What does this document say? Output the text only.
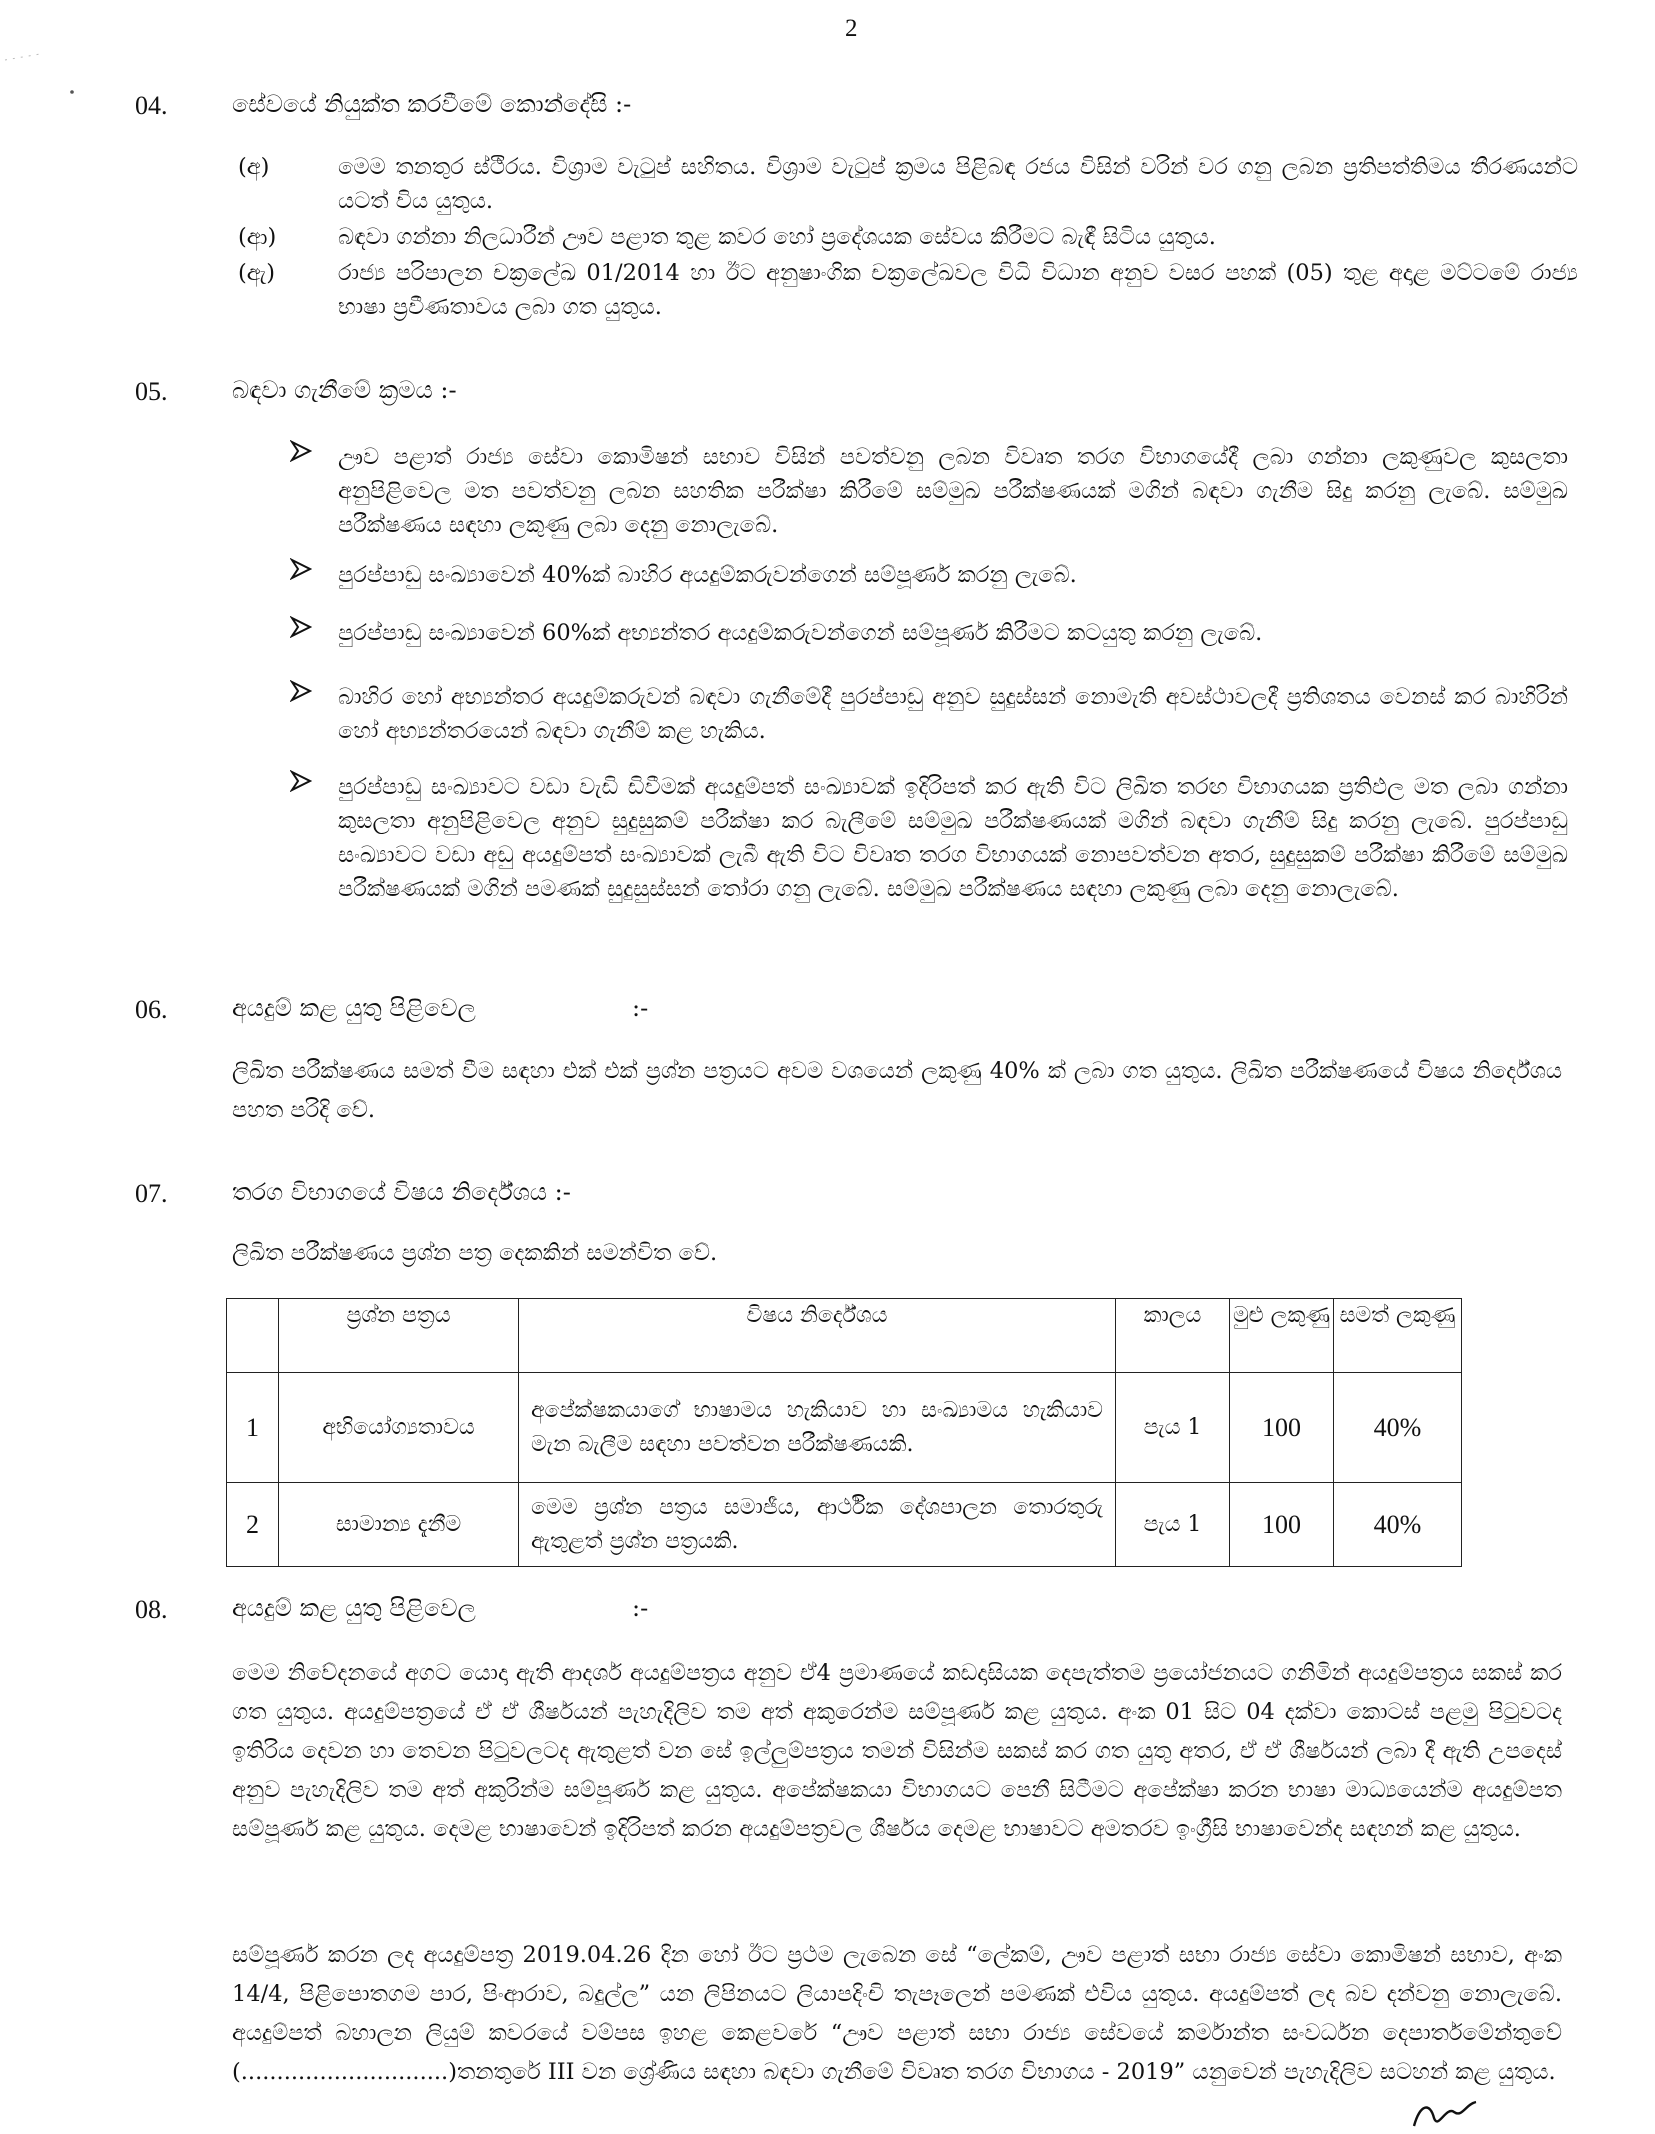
2
04.	සේවයේ නියුක්ත කරවීමේ කොන්දේසි :-
(අ)	මෙම තනතුර ස්ථිරය. විශ්‍රාම වැටුප් සහිතය. විශ්‍රාම වැටුප් ක්‍රමය පිළිබඳ රජය විසින් වරින් වර ගනු ලබන ප්‍රතිපත්තිමය තීරණයන්ට යටත් විය යුතුය.
(ආ)	බඳවා ගන්නා නිලධාරීන් ඌව පළාත තුළ කවර හෝ ප්‍රදේශයක සේවය කිරීමට බැඳී සිටිය යුතුය.
(ඇ)	රාජ්‍ය පරිපාලන චක්‍රලේඛ 01/2014 හා ඊට අනුෂාංගික චක්‍රලේඛවල විධි විධාන අනුව වසර පහක් (05) තුළ අදාළ මට්ටමේ රාජ්‍ය භාෂා ප්‍රවීණතාවය ලබා ගත යුතුය.
05.	බඳවා ගැනීමේ ක්‍රමය :-
ඌව පළාත් රාජ්‍ය සේවා කොමිෂන් සභාව විසින් පවත්වනු ලබන විවෘත තරග විභාගයේදී ලබා ගන්නා ලකුණුවල කුසලතා අනුපිළිවෙල මත පවත්වනු ලබන සහතික පරීක්ෂා කිරීමේ සම්මුඛ පරීක්ෂණයක් මගින් බඳවා ගැනීම සිදු කරනු ලැබේ. සම්මුඛ පරීක්ෂණය සඳහා ලකුණු ලබා දෙනු නොලැබේ.
පුරප්පාඩු සංඛ්‍යාවෙන් 40%ක් බාහිර අයදුම්කරුවන්ගෙන් සම්පූර්ණ කරනු ලැබේ.
පුරප්පාඩු සංඛ්‍යාවෙන් 60%ක් අභ්‍යන්තර අයදුම්කරුවන්ගෙන් සම්පූර්ණ කිරීමට කටයුතු කරනු ලැබේ.
බාහිර හෝ අභ්‍යන්තර අයදුම්කරුවන් බඳවා ගැනීමේදී පුරප්පාඩු අනුව සුදුස්සන් නොමැති අවස්ථාවලදී ප්‍රතිශතය වෙනස් කර බාහිරින් හෝ අභ්‍යන්තරයෙන් බඳවා ගැනීම් කළ හැකිය.
පුරප්පාඩු සංඛ්‍යාවට වඩා වැඩි ඩිවීමක් අයදුම්පත් සංඛ්‍යාවක් ඉදිරිපත් කර ඇති විට ලිඛිත තරඟ විභාගයක ප්‍රතිඵල මත ලබා ගන්නා කුසලතා අනුපිළිවෙල අනුව සුදුසුකම් පරීක්ෂා කර බැලීමේ සම්මුඛ පරීක්ෂණයක් මගින් බඳවා ගැනීම් සිදු කරනු ලැබේ. පුරප්පාඩු සංඛ්‍යාවට වඩා අඩු අයදුම්පත් සංඛ්‍යාවක් ලැබී ඇති විට විවෘත තරග විභාගයක් නොපවත්වන අතර, සුදුසුකම් පරීක්ෂා කිරීමේ සම්මුඛ පරීක්ෂණයක් මගින් පමණක් සුදුසුස්සන් තෝරා ගනු ලැබේ. සම්මුඛ පරීක්ෂණය සඳහා ලකුණු ලබා දෙනු නොලැබේ.
06.	අයදුම් කළ යුතු පිළිවෙල	:-
ලිඛිත පරීක්ෂණය සමත් වීම සඳහා එක් එක් ප්‍රශ්න පත්‍රයට අවම වශයෙන් ලකුණු 40% ක් ලබා ගත යුතුය. ලිඛිත පරීක්ෂණයේ විෂය නිර්දේශය පහත පරිදි වේ.
07.	තරග විභාගයේ විෂය නිර්දේශය :-
ලිඛිත පරීක්ෂණය ප්‍රශ්න පත්‍ර දෙකකින් සමන්විත වේ.
	ප්‍රශ්න පත්‍රය	විෂය නිර්දේශය	කාලය	මුළු ලකුණු	සමත් ලකුණු
1	අභියෝග්‍යතාවය	අපේක්ෂකයාගේ භාෂාමය හැකියාව හා සංඛ්‍යාමය හැකියාව මැන බැලීම සඳහා පවත්වන පරීක්ෂණයකි.	පැය 1	100	40%
2	සාමාන්‍ය දැනීම	මෙම ප්‍රශ්න පත්‍රය සමාජීය, ආර්ථික දේශපාලන තොරතුරු ඇතුළත් ප්‍රශ්න පත්‍රයකි.	පැය 1	100	40%
08.	අයදුම් කළ යුතු පිළිවෙල	:-
මෙම නිවේදනයේ අගට යොදා ඇති ආදර්ශ අයදුම්පත්‍රය අනුව ඒ4 ප්‍රමාණයේ කඩදාසියක දෙපැත්තම ප්‍රයෝජනයට ගනිමින් අයදුම්පත්‍රය සකස් කර ගත යුතුය. අයදුම්පත්‍රයේ ඒ ඒ ශීර්ෂයන් පැහැදිලිව තම අත් අකුරෙන්ම සම්පූර්ණ කළ යුතුය. අංක 01 සිට 04 දක්වා කොටස් පළමු පිටුවටද ඉතිරිය දෙවන හා තෙවන පිටුවලටද ඇතුළත් වන සේ ඉල්ලුම්පත්‍රය තමන් විසින්ම සකස් කර ගත යුතු අතර, ඒ ඒ ශීර්ෂයන් ලබා දී ඇති උපදෙස් අනුව පැහැදිලිව තම අත් අකුරින්ම සම්පූර්ණ කළ යුතුය. අපේක්ෂකයා විභාගයට පෙනී සිටීමට අපේක්ෂා කරන භාෂා මාධ්‍යයෙන්ම අයදුම්පත සම්පූර්ණ කළ යුතුය. දෙමළ භාෂාවෙන් ඉදිරිපත් කරන අයදුම්පත්‍රවල ශීර්ෂය දෙමළ භාෂාවට අමතරව ඉංග්‍රීසි භාෂාවෙන්ද සඳහන් කළ යුතුය.
සම්පූර්ණ කරන ලද අයදුම්පත්‍ර 2019.04.26 දින හෝ ඊට ප්‍රථම ලැබෙන සේ “ලේකම්, ඌව පළාත් සභා රාජ්‍ය සේවා කොමිෂන් සභාව, අංක 14/4, පිළිපොතගම පාර, පිංආරාව, බදුල්ල” යන ලිපිනයට ලියාපදිංචි තැපෑලෙන් පමණක් එවිය යුතුය. අයදුම්පත් ලද බව දන්වනු නොලැබේ. අයදුම්පත් බහාලන ලියුම් කවරයේ වම්පස ඉහළ කෙළවරේ “ඌව පළාත් සභා රාජ්‍ය සේවයේ කර්මාන්ත සංවර්ධන දෙපාර්තමේන්තුවේ (.............................)තනතුරේ III වන ශ්‍රේණිය සඳහා බඳවා ගැනීමේ විවෘත තරග විභාගය - 2019” යනුවෙන් පැහැදිලිව සටහන් කළ යුතුය.
